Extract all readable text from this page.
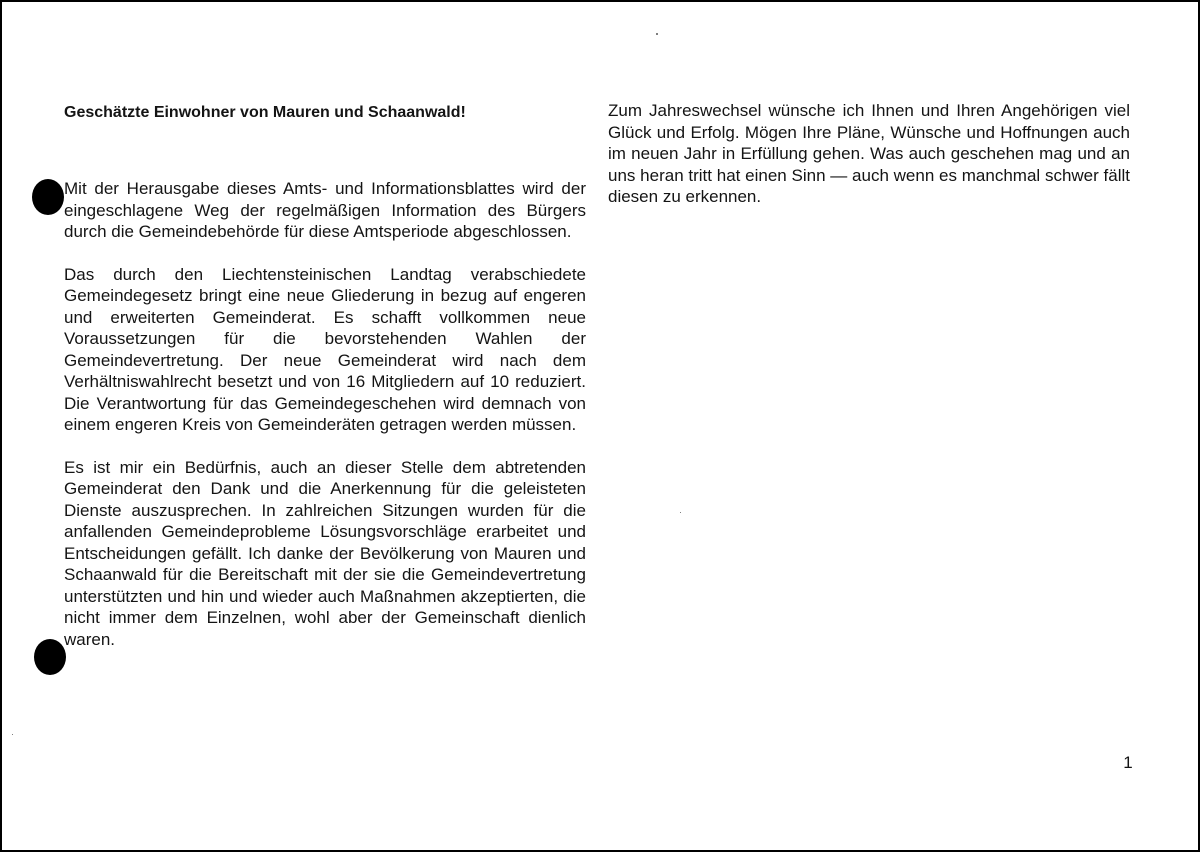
Geschätzte Einwohner von Mauren und Schaanwald!

Mit der Herausgabe dieses Amts- und Informationsblattes wird der eingeschlagene Weg der regelmäßigen Information des Bürgers durch die Gemeindebehörde für diese Amtsperiode abgeschlossen.

Das durch den Liechtensteinischen Landtag verabschiedete Gemeindegesetz bringt eine neue Gliederung in bezug auf engeren und erweiterten Gemeinderat. Es schafft vollkommen neue Voraussetzungen für die bevorstehenden Wahlen der Gemeindevertretung. Der neue Gemeinderat wird nach dem Verhältniswahlrecht besetzt und von 16 Mitgliedern auf 10 reduziert. Die Verantwortung für das Gemeindegeschehen wird demnach von einem engeren Kreis von Gemeinderäten getragen werden müssen.

Es ist mir ein Bedürfnis, auch an dieser Stelle dem abtretenden Gemeinderat den Dank und die Anerkennung für die geleisteten Dienste auszusprechen. In zahlreichen Sitzungen wurden für die anfallenden Gemeindeprobleme Lösungsvorschläge erarbeitet und Entscheidungen gefällt. Ich danke der Bevölkerung von Mauren und Schaanwald für die Bereitschaft mit der sie die Gemeindevertretung unterstützten und hin und wieder auch Maßnahmen akzeptierten, die nicht immer dem Einzelnen, wohl aber der Gemeinschaft dienlich waren.

Zum Jahreswechsel wünsche ich Ihnen und Ihren Angehörigen viel Glück und Erfolg. Mögen Ihre Pläne, Wünsche und Hoffnungen auch im neuen Jahr in Erfüllung gehen. Was auch geschehen mag und an uns heran tritt hat einen Sinn — auch wenn es manchmal schwer fällt diesen zu erkennen.

1
